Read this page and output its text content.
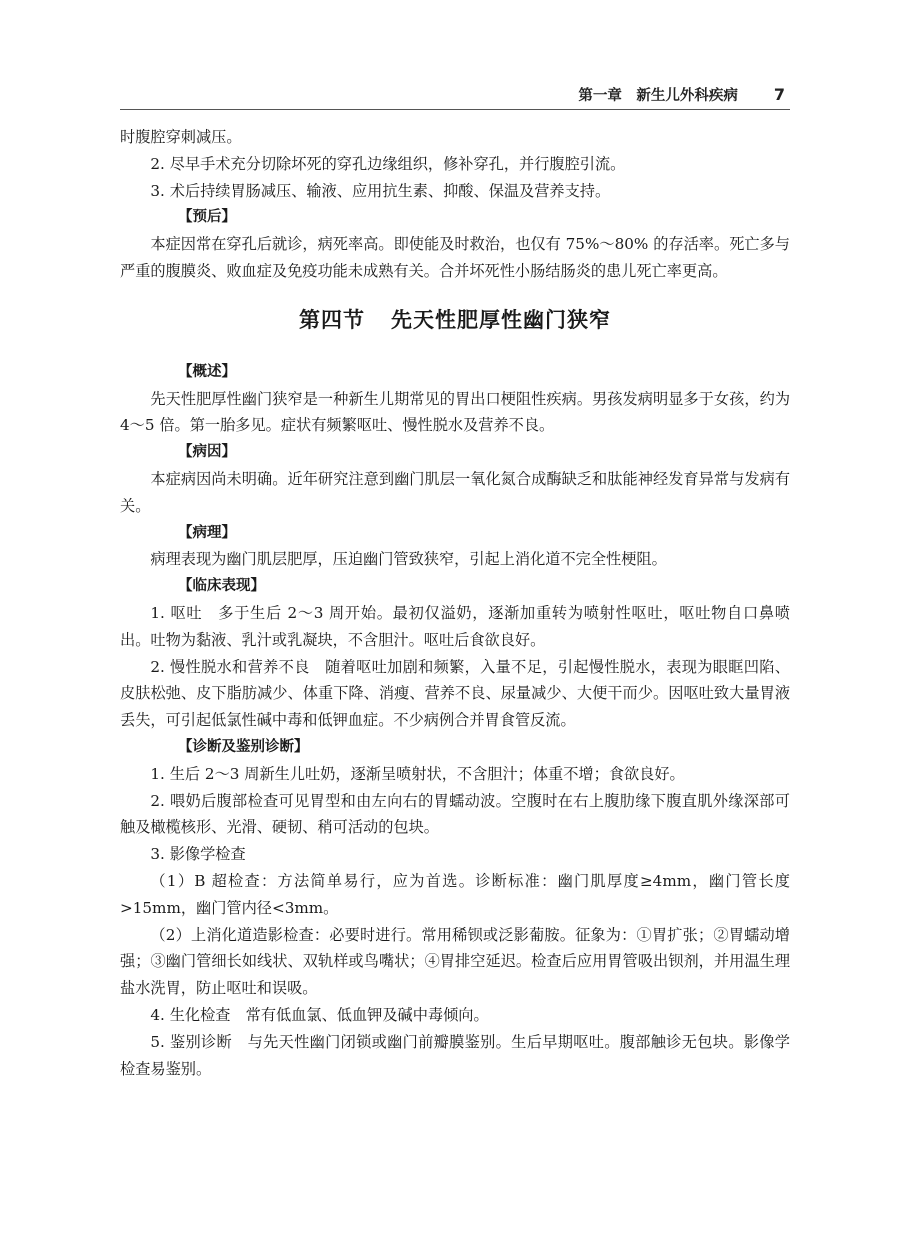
第一章　新生儿外科疾病 7

时腹腔穿刺减压。

2. 尽早手术充分切除坏死的穿孔边缘组织，修补穿孔，并行腹腔引流。

3. 术后持续胃肠减压、输液、应用抗生素、抑酸、保温及营养支持。

【预后】

本症因常在穿孔后就诊，病死率高。即使能及时救治，也仅有 75%～80% 的存活率。死亡多与严重的腹膜炎、败血症及免疫功能未成熟有关。合并坏死性小肠结肠炎的患儿死亡率更高。

第四节 先天性肥厚性幽门狭窄

【概述】

先天性肥厚性幽门狭窄是一种新生儿期常见的胃出口梗阻性疾病。男孩发病明显多于女孩，约为 4～5 倍。第一胎多见。症状有频繁呕吐、慢性脱水及营养不良。

【病因】

本症病因尚未明确。近年研究注意到幽门肌层一氧化氮合成酶缺乏和肽能神经发育异常与发病有关。

【病理】

病理表现为幽门肌层肥厚，压迫幽门管致狭窄，引起上消化道不完全性梗阻。

【临床表现】

1. 呕吐　多于生后 2～3 周开始。最初仅溢奶，逐渐加重转为喷射性呕吐，呕吐物自口鼻喷出。吐物为黏液、乳汁或乳凝块，不含胆汁。呕吐后食欲良好。

2. 慢性脱水和营养不良　随着呕吐加剧和频繁，入量不足，引起慢性脱水，表现为眼眶凹陷、皮肤松弛、皮下脂肪减少、体重下降、消瘦、营养不良、尿量减少、大便干而少。因呕吐致大量胃液丢失，可引起低氯性碱中毒和低钾血症。不少病例合并胃食管反流。

【诊断及鉴别诊断】

1. 生后 2～3 周新生儿吐奶，逐渐呈喷射状，不含胆汁；体重不增；食欲良好。

2. 喂奶后腹部检查可见胃型和由左向右的胃蠕动波。空腹时在右上腹肋缘下腹直肌外缘深部可触及橄榄核形、光滑、硬韧、稍可活动的包块。

3. 影像学检查

（1）B 超检查：方法简单易行，应为首选。诊断标准：幽门肌厚度≥4mm，幽门管长度>15mm，幽门管内径<3mm。

（2）上消化道造影检查：必要时进行。常用稀钡或泛影葡胺。征象为：①胃扩张；②胃蠕动增强；③幽门管细长如线状、双轨样或鸟嘴状；④胃排空延迟。检查后应用胃管吸出钡剂，并用温生理盐水洗胃，防止呕吐和误吸。

4. 生化检查　常有低血氯、低血钾及碱中毒倾向。

5. 鉴别诊断　与先天性幽门闭锁或幽门前瓣膜鉴别。生后早期呕吐。腹部触诊无包块。影像学检查易鉴别。
